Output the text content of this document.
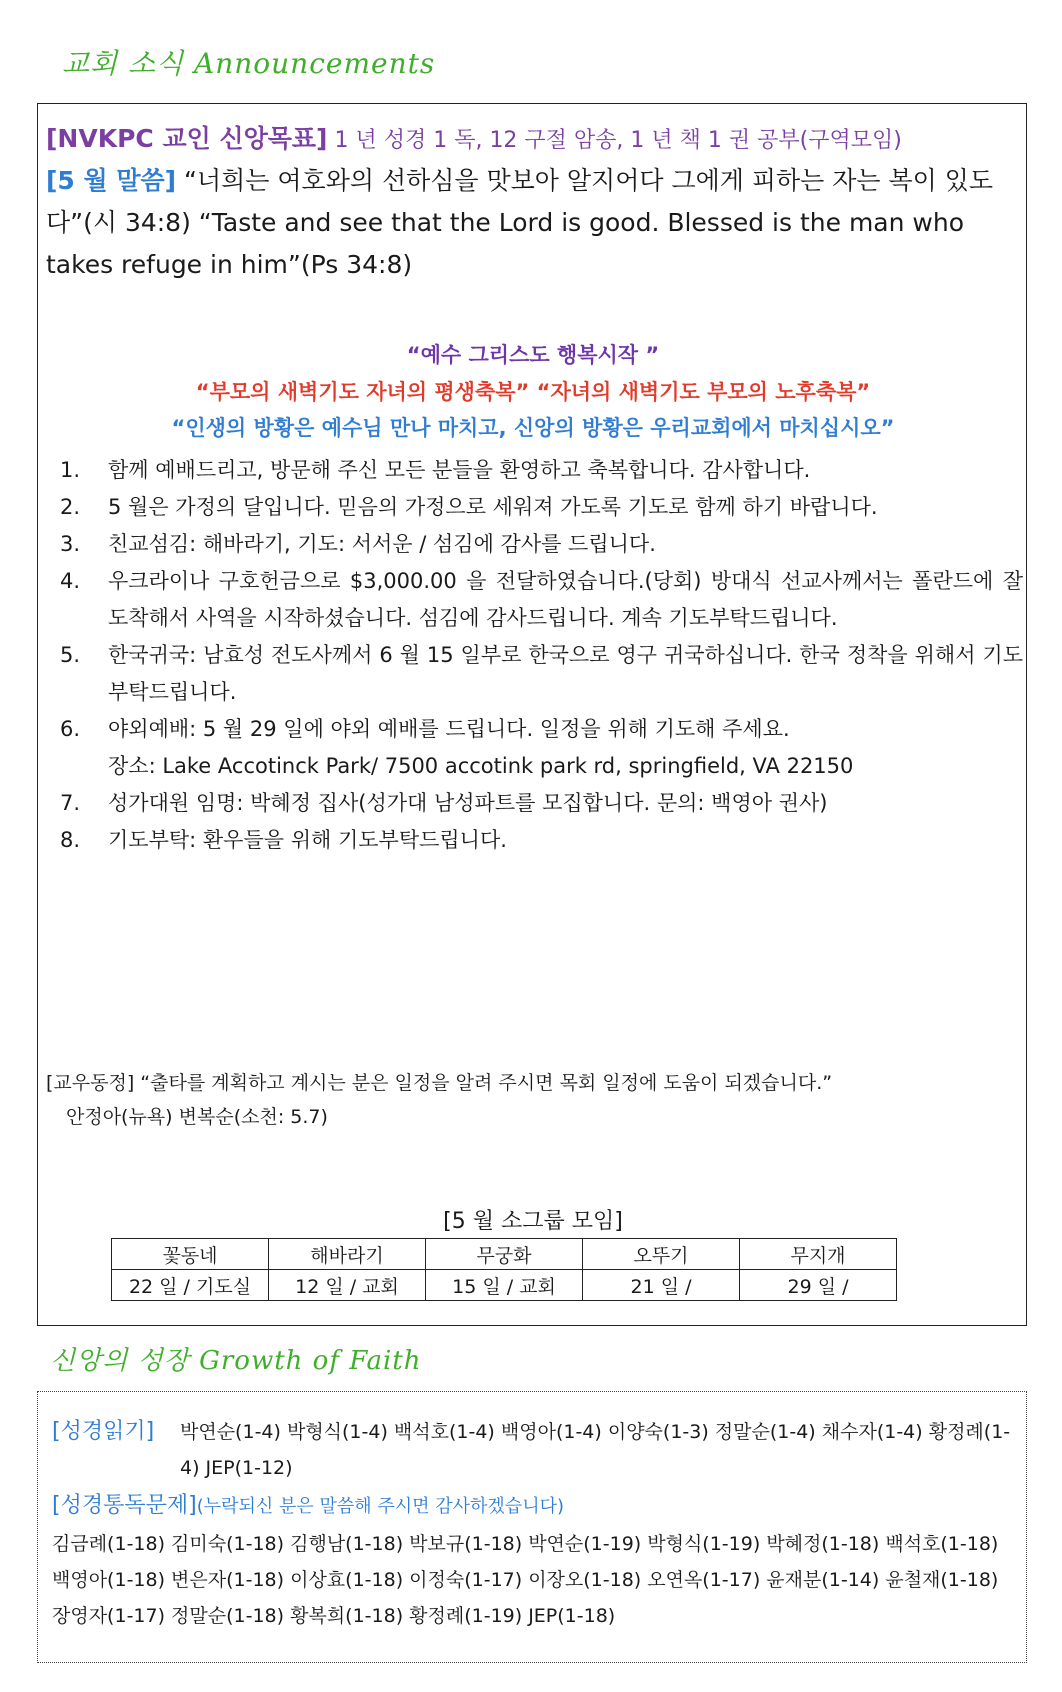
교회 소식 Announcements
[NVKPC 교인 신앙목표] 1 년 성경 1 독, 12 구절 암송, 1 년 책 1 권 공부(구역모임)
[5 월 말씀] “너희는 여호와의 선하심을 맛보아 알지어다 그에게 피하는 자는 복이 있도다”(시 34:8) “Taste and see that the Lord is good. Blessed is the man who takes refuge in him”(Ps 34:8)
“예수 그리스도 행복시작 ”
“부모의 새벽기도 자녀의 평생축복” “자녀의 새벽기도 부모의 노후축복”
“인생의 방황은 예수님 만나 마치고, 신앙의 방황은 우리교회에서 마치십시오”
1.	함께 예배드리고, 방문해 주신 모든 분들을 환영하고 축복합니다. 감사합니다.
2.	5 월은 가정의 달입니다. 믿음의 가정으로 세워져 가도록 기도로 함께 하기 바랍니다.
3.	친교섬김: 해바라기, 기도: 서서운 / 섬김에 감사를 드립니다.
4.	우크라이나 구호헌금으로 $3,000.00 을 전달하였습니다.(당회) 방대식 선교사께서는 폴란드에 잘 도착해서 사역을 시작하셨습니다. 섬김에 감사드립니다. 계속 기도부탁드립니다.
5.	한국귀국: 남효성 전도사께서 6 월 15 일부로 한국으로 영구 귀국하십니다. 한국 정착을 위해서 기도부탁드립니다.
6.	야외예배: 5 월 29 일에 야외 예배를 드립니다. 일정을 위해 기도해 주세요.
장소: Lake Accotinck Park/ 7500 accotink park rd, springfield, VA 22150
7.	성가대원 임명: 박혜정 집사(성가대 남성파트를 모집합니다. 문의: 백영아 권사)
8.	기도부탁: 환우들을 위해 기도부탁드립니다.
[교우동정] “출타를 계획하고 계시는 분은 일정을 알려 주시면 목회 일정에 도움이 되겠습니다.”
안정아(뉴욕) 변복순(소천: 5.7)
[5 월 소그룹 모임]
꽃동네	해바라기	무궁화	오뚜기	무지개
22 일 / 기도실	12 일 / 교회	15 일 / 교회	21 일 /	29 일 /
신앙의 성장 Growth of Faith
[성경읽기]	박연순(1-4) 박형식(1-4) 백석호(1-4) 백영아(1-4) 이양숙(1-3) 정말순(1-4) 채수자(1-4) 황정례(1-4) JEP(1-12)
[성경통독문제](누락되신 분은 말씀해 주시면 감사하겠습니다)
김금례(1-18) 김미숙(1-18) 김행남(1-18) 박보규(1-18) 박연순(1-19) 박형식(1-19) 박혜정(1-18) 백석호(1-18) 백영아(1-18) 변은자(1-18) 이상효(1-18) 이정숙(1-17) 이장오(1-18) 오연옥(1-17) 윤재분(1-14) 윤철재(1-18) 장영자(1-17) 정말순(1-18) 황복희(1-18) 황정례(1-19) JEP(1-18)
